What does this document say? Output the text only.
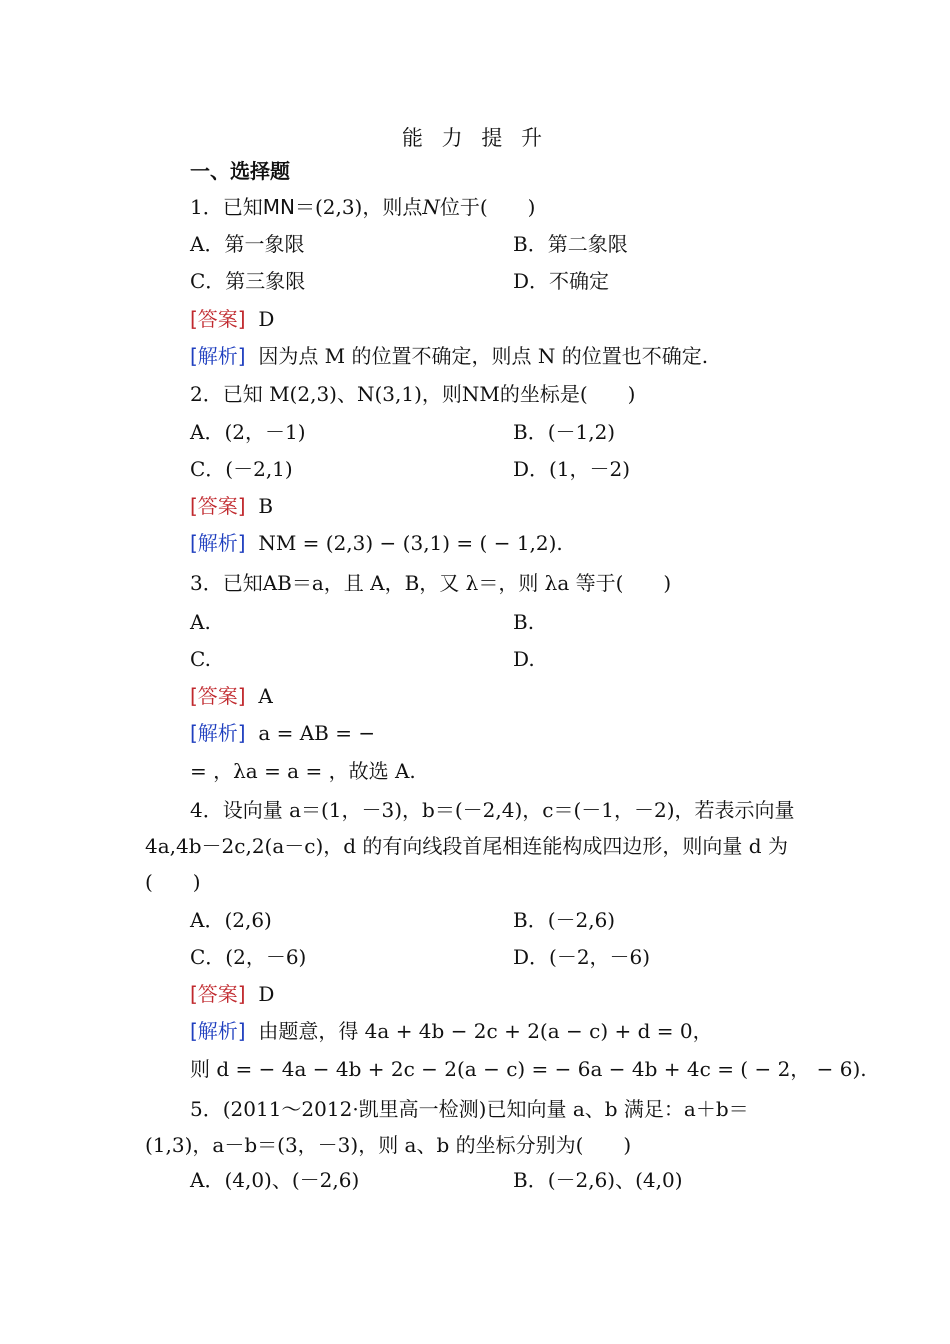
能 力 提 升
一、选择题
1．已知MN＝(2,3)，则点N位于(　　)
A．第一象限	B．第二象限
C．第三象限	D．不确定
[答案] D
[解析] 因为点 M 的位置不确定，则点 N 的位置也不确定.
2．已知 M(2,3)、N(3,1)，则NM的坐标是(　　)
A．(2，－1)	B．(－1,2)
C．(－2,1)	D．(1，－2)
[答案] B
[解析] NM = (2,3) − (3,1) = ( − 1,2).
3．已知AB＝a，且 A，B，又 λ＝，则 λa 等于(　　)
A.	B.
C.	D.
[答案] A
[解析] a = AB = −
= ，λa = a = ，故选 A.
4．设向量 a＝(1，－3)，b＝(－2,4)，c＝(－1，－2)，若表示向量 4a,4b－2c,2(a－c)，d 的有向线段首尾相连能构成四边形，则向量 d 为(　　)
A．(2,6)	B．(－2,6)
C．(2，－6)	D．(－2，－6)
[答案] D
[解析] 由题意，得 4a + 4b − 2c + 2(a − c) + d = 0，
则 d = − 4a − 4b + 2c − 2(a − c) = − 6a − 4b + 4c = ( − 2， − 6).
5．(2011～2012·凯里高一检测)已知向量 a、b 满足：a＋b＝(1,3)，a－b＝(3，－3)，则 a、b 的坐标分别为(　　)
A．(4,0)、(－2,6)	B．(－2,6)、(4,0)
